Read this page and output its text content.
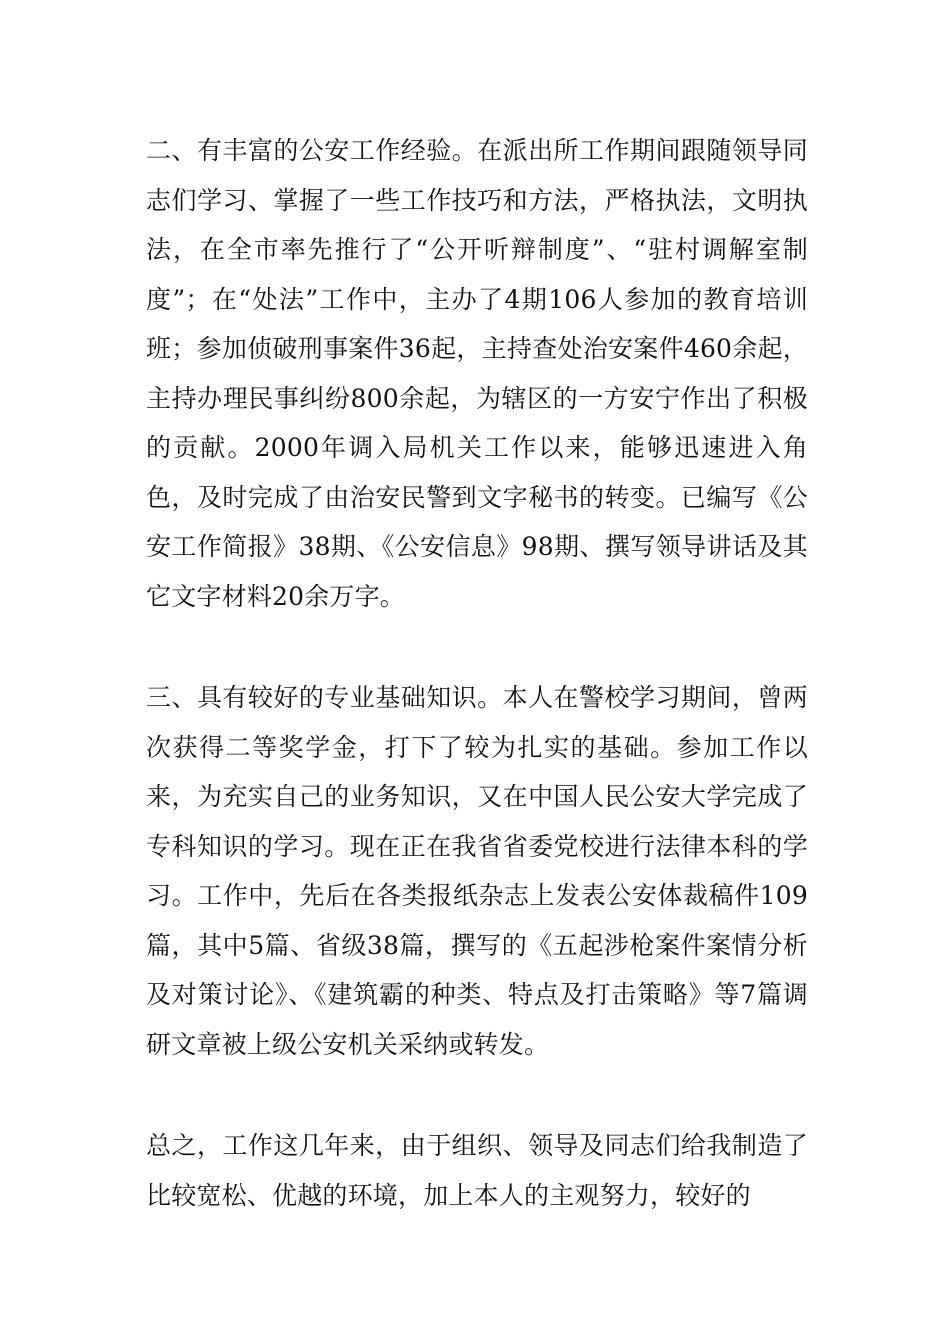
二、有丰富的公安工作经验。在派出所工作期间跟随领导同志们学习、掌握了一些工作技巧和方法，严格执法，文明执法，在全市率先推行了“公开听辩制度”、“驻村调解室制度”；在“处法”工作中，主办了4期106人参加的教育培训班；参加侦破刑事案件36起，主持查处治安案件460余起，主持办理民事纠纷800余起，为辖区的一方安宁作出了积极的贡献。2000年调入局机关工作以来，能够迅速进入角色，及时完成了由治安民警到文字秘书的转变。已编写《公安工作简报》38期、《公安信息》98期、撰写领导讲话及其它文字材料20余万字。

三、具有较好的专业基础知识。本人在警校学习期间，曾两次获得二等奖学金，打下了较为扎实的基础。参加工作以来，为充实自己的业务知识，又在中国人民公安大学完成了专科知识的学习。现在正在我省省委党校进行法律本科的学习。工作中，先后在各类报纸杂志上发表公安体裁稿件109篇，其中5篇、省级38篇，撰写的《五起涉枪案件案情分析及对策讨论》、《建筑霸的种类、特点及打击策略》等7篇调研文章被上级公安机关采纳或转发。

总之，工作这几年来，由于组织、领导及同志们给我制造了比较宽松、优越的环境，加上本人的主观努力，较好的
